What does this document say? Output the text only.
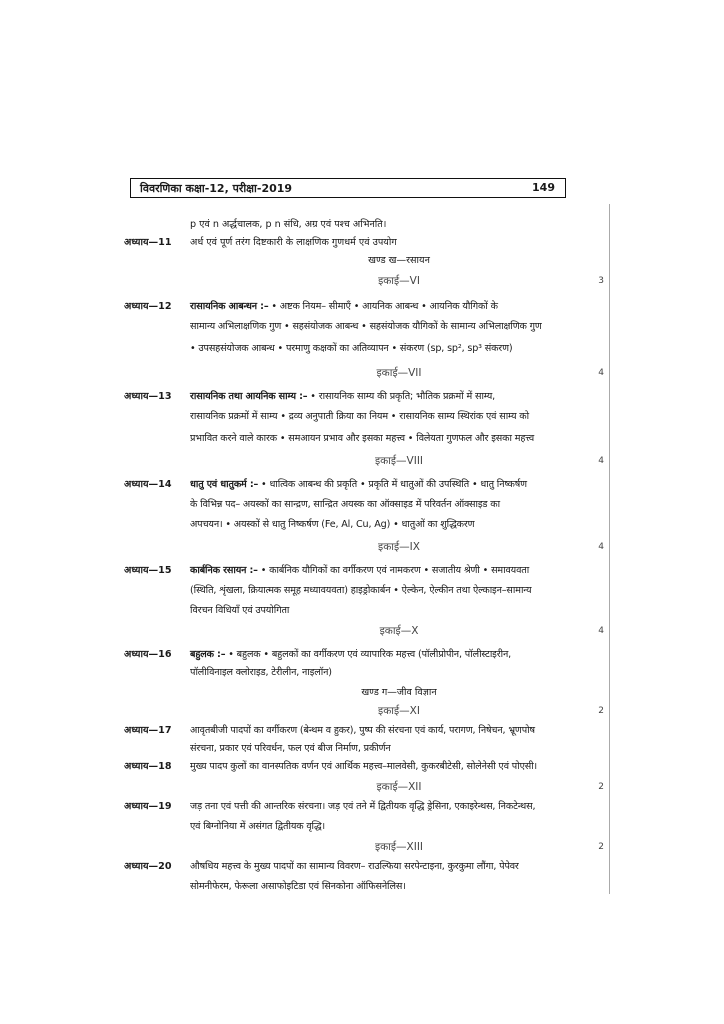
विवरणिका कक्षा-12, परीक्षा-2019	149
p एवं n अर्द्धचालक, p n संधि, अग्र एवं पश्च अभिनति।
अध्याय—11 अर्ध एवं पूर्ण तरंग दिष्टकारी के लाक्षणिक गुणधर्म एवं उपयोग
खण्ड ख—रसायन
इकाई—VI	3
अध्याय—12 रासायनिक आबन्धन :– • अष्टक नियम– सीमाएँ • आयनिक आबन्ध • आयनिक यौगिकों के
सामान्य अभिलाक्षणिक गुण • सहसंयोजक आबन्ध • सहसंयोजक यौगिकों के सामान्य अभिलाक्षणिक गुण
• उपसहसंयोजक आबन्ध • परमाणु कक्षकों का अतिव्यापन • संकरण (sp, sp², sp³ संकरण)
इकाई—VII	4
अध्याय—13 रासायनिक तथा आयनिक साम्य :– • रासायनिक साम्य की प्रकृति; भौतिक प्रक्रमों में साम्य,
रासायनिक प्रक्रमों में साम्य • द्रव्य अनुपाती क्रिया का नियम • रासायनिक साम्य स्थिरांक एवं साम्य को
प्रभावित करने वाले कारक • समआयन प्रभाव और इसका महत्त्व • विलेयता गुणफल और इसका महत्त्व
इकाई—VIII	4
अध्याय—14 धातु एवं धातुकर्म :– • धात्विक आबन्ध की प्रकृति • प्रकृति में धातुओं की उपस्थिति • धातु निष्कर्षण
के विभिन्न पद– अयस्कों का सान्द्रण, सान्द्रित अयस्क का ऑक्साइड में परिवर्तन ऑक्साइड का
अपचयन। • अयस्कों से धातु निष्कर्षण (Fe, Al, Cu, Ag) • धातुओं का शुद्धिकरण
इकाई—IX	4
अध्याय—15 कार्बनिक रसायन :– • कार्बनिक यौगिकों का वर्गीकरण एवं नामकरण • सजातीय श्रेणी • समावयवता
(स्थिति, शृंखला, क्रियात्मक समूह मध्यावयवता) हाइड्रोकार्बन • ऐल्केन, ऐल्कीन तथा ऐल्काइन–सामान्य
विरचन विधियाँ एवं उपयोगिता
इकाई—X	4
अध्याय—16 बहुलक :– • बहुलक • बहुलकों का वर्गीकरण एवं व्यापारिक महत्त्व (पॉलीप्रोपीन, पॉलीस्टाइरीन,
पॉलीविनाइल क्लोराइड, टेरीलीन, नाइलॉन)
खण्ड ग—जीव विज्ञान
इकाई—XI	2
अध्याय—17 आवृतबीजी पादपों का वर्गीकरण (बेन्थम व हुकर), पुष्प की संरचना एवं कार्य, परागण, निषेचन, भ्रूणपोष
संरचना, प्रकार एवं परिवर्धन, फल एवं बीज निर्माण, प्रकीर्णन
अध्याय—18 मुख्य पादप कुलों का वानस्पतिक वर्णन एवं आर्थिक महत्त्व–मालवेसी, कुकरबीटेसी, सोलेनेसी एवं पोएसी।
इकाई—XII	2
अध्याय—19 जड़ तना एवं पत्ती की आन्तरिक संरचना। जड़ एवं तने में द्वितीयक वृद्धि ड्रेसिना, एकाइरेन्थस, निकटेन्थस,
एवं बिग्नोनिया में असंगत द्वितीयक वृद्धि।
इकाई—XIII	2
अध्याय—20 औषधिय महत्त्व के मुख्य पादपों का सामान्य विवरण– राउल्फिया सरपेन्टाइना, कुरकुमा लौंगा, पेपेवर
सोमनीफेरम, फेरूला असाफोइटिडा एवं सिनकोना ऑफिसनेलिस।
